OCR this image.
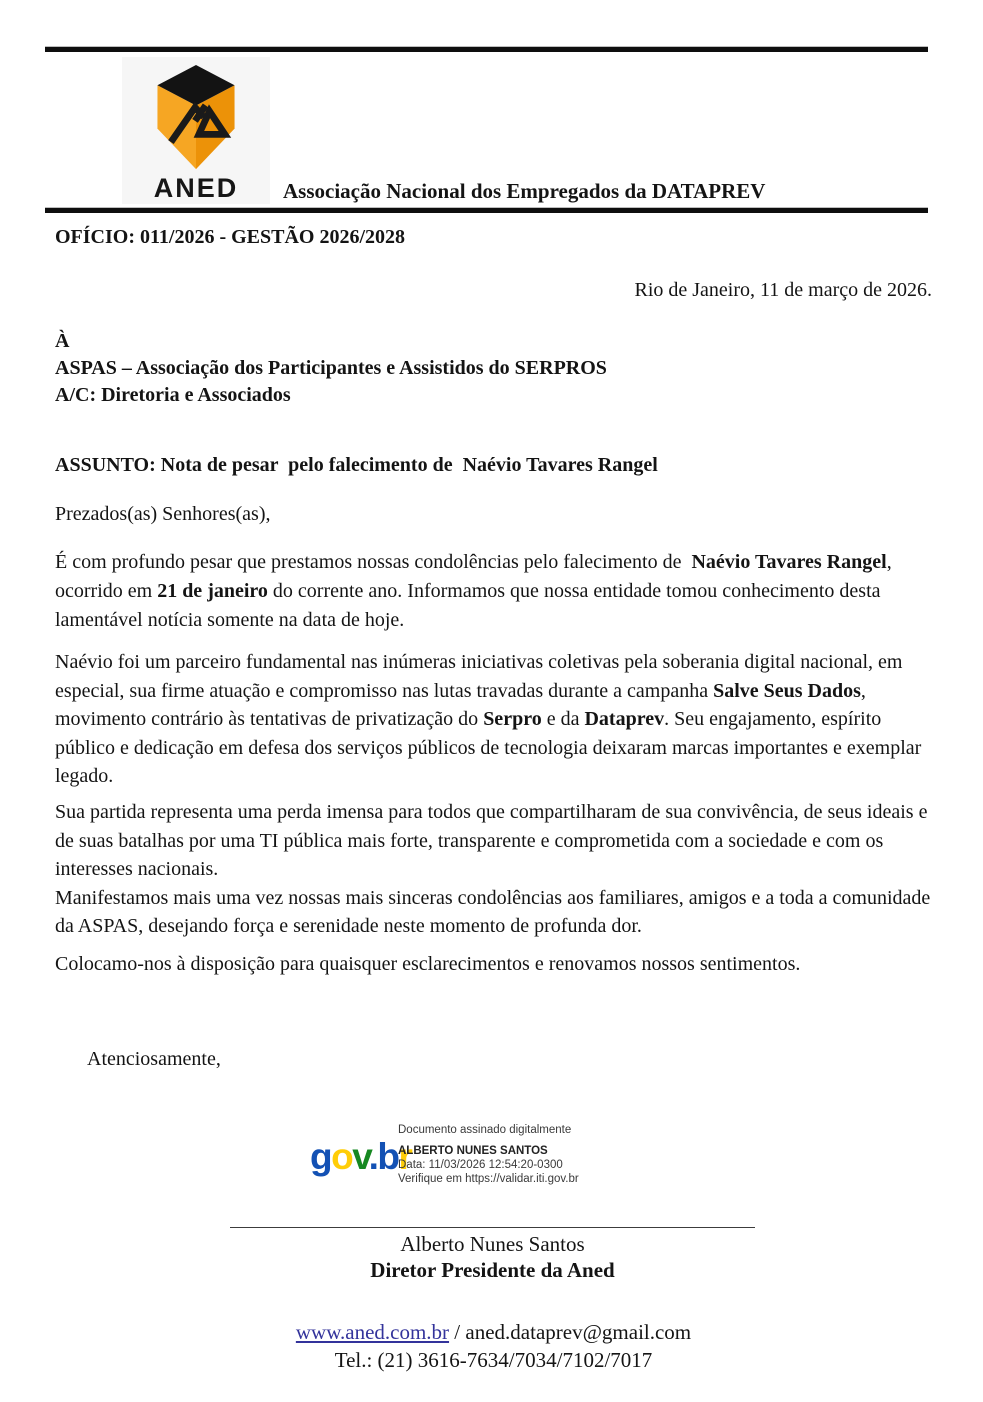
ANED Associação Nacional dos Empregados da DATAPREV
OFÍCIO: 011/2026 - GESTÃO 2026/2028
Rio de Janeiro, 11 de março de 2026.
À
ASPAS – Associação dos Participantes e Assistidos do SERPROS
A/C: Diretoria e Associados
ASSUNTO: Nota de pesar  pelo falecimento de  Naévio Tavares Rangel
Prezados(as) Senhores(as),
É com profundo pesar que prestamos nossas condolências pelo falecimento de  Naévio Tavares Rangel, ocorrido em 21 de janeiro do corrente ano. Informamos que nossa entidade tomou conhecimento desta lamentável notícia somente na data de hoje.
Naévio foi um parceiro fundamental nas inúmeras iniciativas coletivas pela soberania digital nacional, em especial, sua firme atuação e compromisso nas lutas travadas durante a campanha Salve Seus Dados, movimento contrário às tentativas de privatização do Serpro e da Dataprev. Seu engajamento, espírito público e dedicação em defesa dos serviços públicos de tecnologia deixaram marcas importantes e exemplar legado.
Sua partida representa uma perda imensa para todos que compartilharam de sua convivência, de seus ideais e de suas batalhas por uma TI pública mais forte, transparente e comprometida com a sociedade e com os interesses nacionais.
Manifestamos mais uma vez nossas mais sinceras condolências aos familiares, amigos e a toda a comunidade da ASPAS, desejando força e serenidade neste momento de profunda dor.
Colocamo-nos à disposição para quaisquer esclarecimentos e renovamos nossos sentimentos.
Atenciosamente,
gov.br
Documento assinado digitalmente
ALBERTO NUNES SANTOS
Data: 11/03/2026 12:54:20-0300
Verifique em https://validar.iti.gov.br
Alberto Nunes Santos
Diretor Presidente da Aned
www.aned.com.br / aned.dataprev@gmail.com
Tel.: (21) 3616-7634/7034/7102/7017
